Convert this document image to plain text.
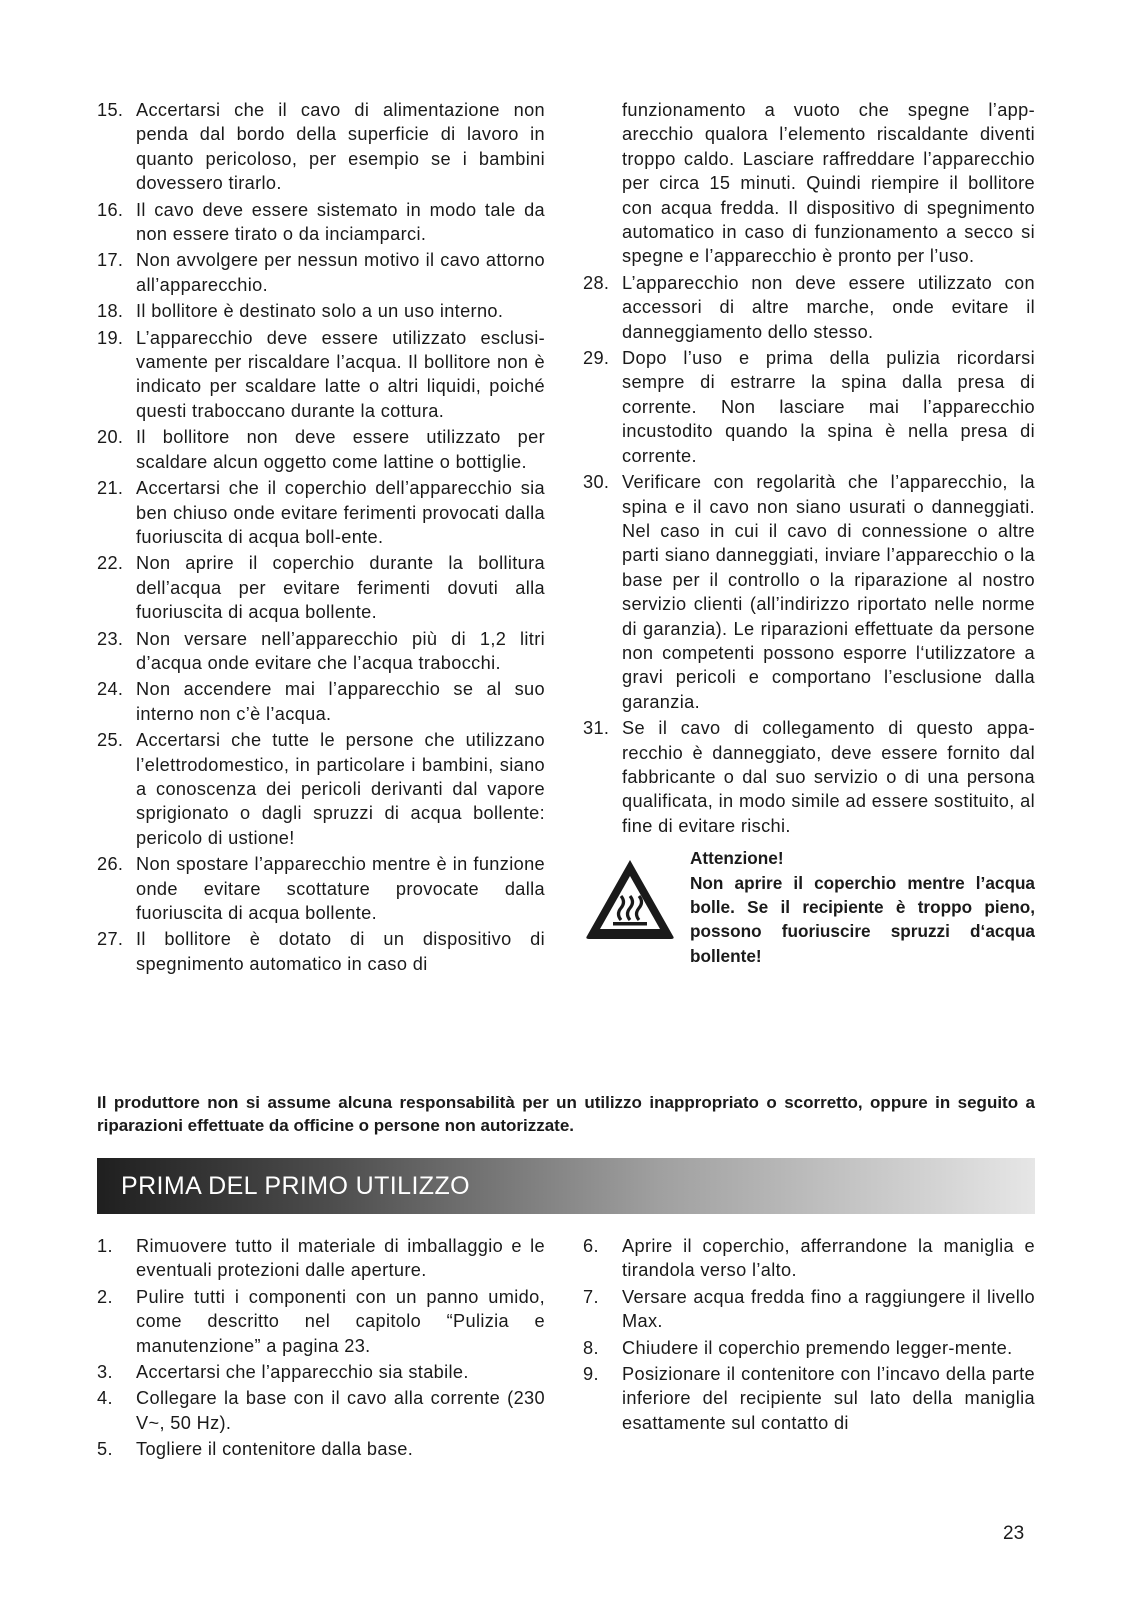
15. Accertarsi che il cavo di alimentazione non penda dal bordo della superficie di lavoro in quanto pericoloso, per esempio se i bambini dovessero tirarlo.
16. Il cavo deve essere sistemato in modo tale da non essere tirato o da inciamparci.
17. Non avvolgere per nessun motivo il cavo attorno all’apparecchio.
18. Il bollitore è destinato solo a un uso interno.
19. L’apparecchio deve essere utilizzato esclusi-vamente per riscaldare l’acqua. Il bollitore non è indicato per scaldare latte o altri liquidi, poiché questi traboccano durante la cottura.
20. Il bollitore non deve essere utilizzato per scaldare alcun oggetto come lattine o bottiglie.
21. Accertarsi che il coperchio dell’apparecchio sia ben chiuso onde evitare ferimenti provocati dalla fuoriuscita di acqua boll-ente.
22. Non aprire il coperchio durante la bollitura dell’acqua per evitare ferimenti dovuti alla fuoriuscita di acqua bollente.
23. Non versare nell’apparecchio più di 1,2 litri d’acqua onde evitare che l’acqua trabocchi.
24. Non accendere mai l’apparecchio se al suo interno non c’è l’acqua.
25. Accertarsi che tutte le persone che utilizzano l’elettrodomestico, in particolare i bambini, siano a conoscenza dei pericoli derivanti dal vapore sprigionato o dagli spruzzi di acqua bollente: pericolo di ustione!
26. Non spostare l’apparecchio mentre è in funzione onde evitare scottature provocate dalla fuoriuscita di acqua bollente.
27. Il bollitore è dotato di un dispositivo di spegnimento automatico in caso di
funzionamento a vuoto che spegne l’app-arecchio qualora l’elemento riscaldante diventi troppo caldo. Lasciare raffreddare l’apparecchio per circa 15 minuti. Quindi riempire il bollitore con acqua fredda. Il dispositivo di spegnimento automatico in caso di funzionamento a secco si spegne e l’apparecchio è pronto per l’uso.
28. L’apparecchio non deve essere utilizzato con accessori di altre marche, onde evitare il danneggiamento dello stesso.
29. Dopo l’uso e prima della pulizia ricordarsi sempre di estrarre la spina dalla presa di corrente. Non lasciare mai l’apparecchio incustodito quando la spina è nella presa di corrente.
30. Verificare con regolarità che l’apparecchio, la spina e il cavo non siano usurati o danneggiati. Nel caso in cui il cavo di connessione o altre parti siano danneggiati, inviare l’apparecchio o la base per il controllo o la riparazione al nostro servizio clienti (all’indirizzo riportato nelle norme di garanzia). Le riparazioni effettuate da persone non competenti possono esporre l‘utilizzatore a gravi pericoli e comportano l’esclusione dalla garanzia.
31. Se il cavo di collegamento di questo appa-recchio è danneggiato, deve essere fornito dal fabbricante o dal suo servizio o di una persona qualificata, in modo simile ad essere sostituito, al fine di evitare rischi.
Attenzione!
Non aprire il coperchio mentre l’acqua bolle. Se il recipiente è troppo pieno, possono fuoriuscire spruzzi d‘acqua bollente!
Il produttore non si assume alcuna responsabilità per un utilizzo inappropriato o scorretto, oppure in seguito a riparazioni effettuate da officine o persone non autorizzate.
PRIMA DEL PRIMO UTILIZZO
1.	Rimuovere tutto il materiale di imballaggio e le eventuali protezioni dalle aperture.
2.	Pulire tutti i componenti con un panno umido, come descritto nel capitolo “Pulizia e manutenzione” a pagina 23.
3.	Accertarsi che l’apparecchio sia stabile.
4.	Collegare la base con il cavo alla corrente (230 V~, 50 Hz).
5.	Togliere il contenitore dalla base.
6.	Aprire il coperchio, afferrandone la maniglia e tirandola verso l’alto.
7.	Versare acqua fredda fino a raggiungere il livello Max.
8.	Chiudere il coperchio premendo legger-mente.
9.	Posizionare il contenitore con l’incavo della parte inferiore del recipiente sul lato della maniglia esattamente sul contatto di
23
